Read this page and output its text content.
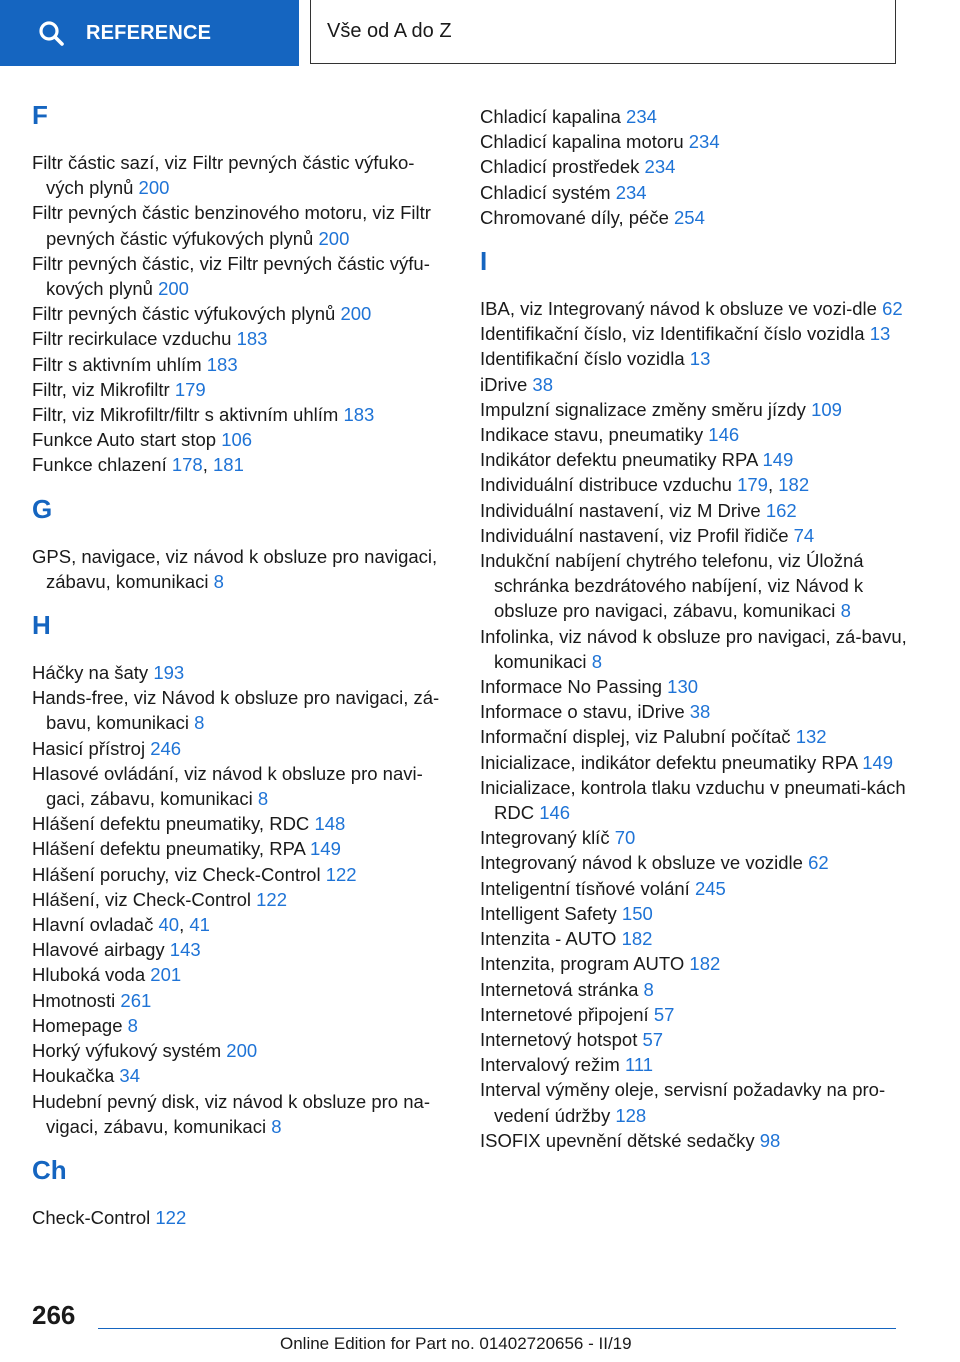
REFERENCE	Vše od A do Z
F
Filtr částic sazí, viz Filtr pevných částic výfuko-vých plynů 200
Filtr pevných částic benzinového motoru, viz Filtr pevných částic výfukových plynů 200
Filtr pevných částic, viz Filtr pevných částic výfu-kových plynů 200
Filtr pevných částic výfukových plynů 200
Filtr recirkulace vzduchu 183
Filtr s aktivním uhlím 183
Filtr, viz Mikrofiltr 179
Filtr, viz Mikrofiltr/filtr s aktivním uhlím 183
Funkce Auto start stop 106
Funkce chlazení 178, 181
G
GPS, navigace, viz návod k obsluze pro navigaci, zábavu, komunikaci 8
H
Háčky na šaty 193
Hands-free, viz Návod k obsluze pro navigaci, zá-bavu, komunikaci 8
Hasicí přístroj 246
Hlasové ovládání, viz návod k obsluze pro navi-gaci, zábavu, komunikaci 8
Hlášení defektu pneumatiky, RDC 148
Hlášení defektu pneumatiky, RPA 149
Hlášení poruchy, viz Check-Control 122
Hlášení, viz Check-Control 122
Hlavní ovladač 40, 41
Hlavové airbagy 143
Hluboká voda 201
Hmotnosti 261
Homepage 8
Horký výfukový systém 200
Houkačka 34
Hudební pevný disk, viz návod k obsluze pro na-vigaci, zábavu, komunikaci 8
Ch
Check-Control 122
Chladicí kapalina 234
Chladicí kapalina motoru 234
Chladicí prostředek 234
Chladicí systém 234
Chromované díly, péče 254
I
IBA, viz Integrovaný návod k obsluze ve vozi-dle 62
Identifikační číslo, viz Identifikační číslo vozidla 13
Identifikační číslo vozidla 13
iDrive 38
Impulzní signalizace změny směru jízdy 109
Indikace stavu, pneumatiky 146
Indikátor defektu pneumatiky RPA 149
Individuální distribuce vzduchu 179, 182
Individuální nastavení, viz M Drive 162
Individuální nastavení, viz Profil řidiče 74
Indukční nabíjení chytrého telefonu, viz Úložná schránka bezdrátového nabíjení, viz Návod k obsluze pro navigaci, zábavu, komunikaci 8
Infolinka, viz návod k obsluze pro navigaci, zá-bavu, komunikaci 8
Informace No Passing 130
Informace o stavu, iDrive 38
Informační displej, viz Palubní počítač 132
Inicializace, indikátor defektu pneumatiky RPA 149
Inicializace, kontrola tlaku vzduchu v pneumati-kách RDC 146
Integrovaný klíč 70
Integrovaný návod k obsluze ve vozidle 62
Inteligentní tísňové volání 245
Intelligent Safety 150
Intenzita - AUTO 182
Intenzita, program AUTO 182
Internetová stránka 8
Internetové připojení 57
Internetový hotspot 57
Intervalový režim 111
Interval výměny oleje, servisní požadavky na pro-vedení údržby 128
ISOFIX upevnění dětské sedačky 98
266
Online Edition for Part no. 01402720656 - II/19
